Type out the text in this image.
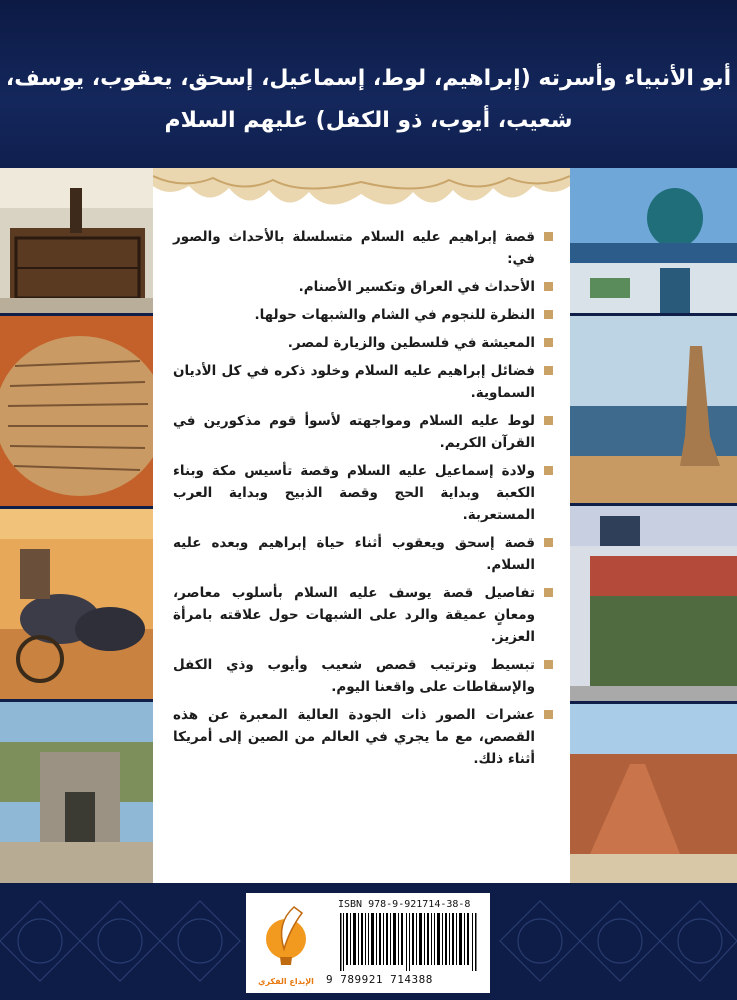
أبو الأنبياء وأسرته (إبراهيم، لوط، إسماعيل، إسحق، يعقوب، يوسف،
شعيب، أيوب، ذو الكفل) عليهم السلام
قصة إبراهيم عليه السلام متسلسلة بالأحداث والصور في:
الأحداث في العراق وتكسير الأصنام.
النظرة للنجوم في الشام والشبهات حولها.
المعيشة في فلسطين والزيارة لمصر.
فضائل إبراهيم عليه السلام وخلود ذكره في كل الأديان السماوية.
لوط عليه السلام ومواجهته لأسوأ قوم مذكورين في القرآن الكريم.
ولادة إسماعيل عليه السلام وقصة تأسيس مكة وبناء الكعبة وبداية الحج وقصة الذبيح وبداية العرب المستعربة.
قصة إسحق ويعقوب أثناء حياة إبراهيم وبعده عليه السلام.
تفاصيل قصة يوسف عليه السلام بأسلوب معاصر، ومعانٍ عميقة والرد على الشبهات حول علاقته بامرأة العزيز.
تبسيط وترتيب قصص شعيب وأيوب وذي الكفل والإسقاطات على واقعنا اليوم.
عشرات الصور ذات الجودة العالية المعبرة عن هذه القصص، مع ما يجري في العالم من الصين إلى أمريكا أثناء ذلك.
الإبداع الفكري
ISBN 978-9-921714-38-8
9 789921 714388
